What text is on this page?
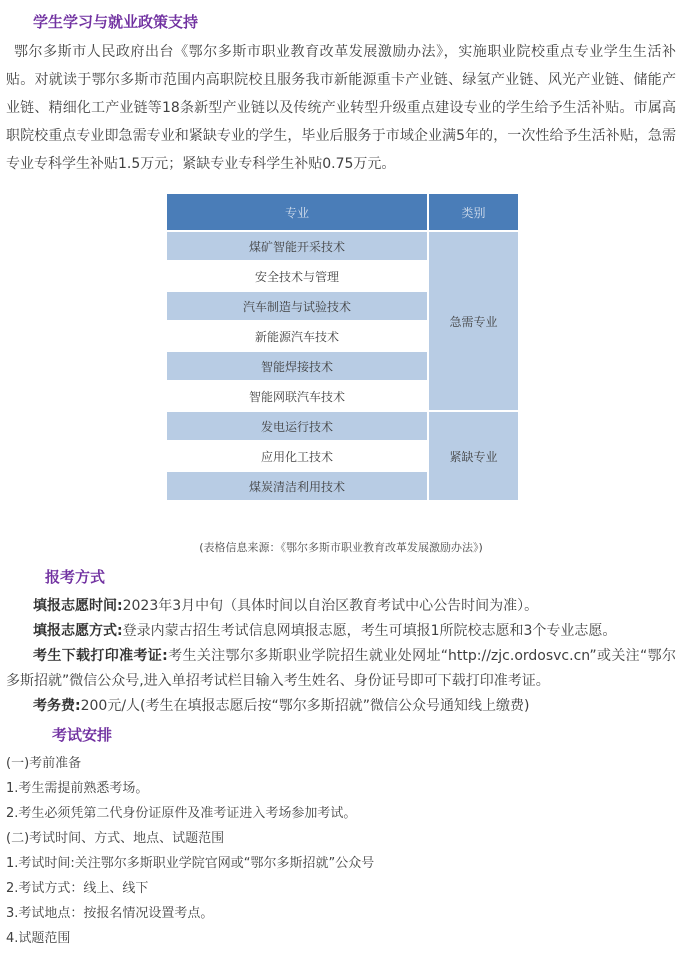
学生学习与就业政策支持

鄂尔多斯市人民政府出台《鄂尔多斯市职业教育改革发展激励办法》，实施职业院校重点专业学生生活补贴。对就读于鄂尔多斯市范围内高职院校且服务我市新能源重卡产业链、绿氢产业链、风光产业链、储能产业链、精细化工产业链等18条新型产业链以及传统产业转型升级重点建设专业的学生给予生活补贴。市属高职院校重点专业即急需专业和紧缺专业的学生，毕业后服务于市域企业满5年的，一次性给予生活补贴，急需专业专科学生补贴1.5万元；紧缺专业专科学生补贴0.75万元。

专业	类别
煤矿智能开采技术	急需专业
安全技术与管理	
汽车制造与试验技术	
新能源汽车技术	
智能焊接技术	
智能网联汽车技术	
发电运行技术	紧缺专业
应用化工技术	
煤炭清洁利用技术	
(表格信息来源：《鄂尔多斯市职业教育改革发展激励办法》)
报考方式

填报志愿时间:2023年3月中旬（具体时间以自治区教育考试中心公告时间为准）。

填报志愿方式:登录内蒙古招生考试信息网填报志愿，考生可填报1所院校志愿和3个专业志愿。

考生下载打印准考证:考生关注鄂尔多斯职业学院招生就业处网址“http://zjc.ordosvc.cn”或关注“鄂尔多斯招就”微信公众号,进入单招考试栏目输入考生姓名、身份证号即可下载打印准考证。

考务费:200元/人(考生在填报志愿后按“鄂尔多斯招就”微信公众号通知线上缴费)

考试安排

(一)考前准备

1.考生需提前熟悉考场。

2.考生必须凭第二代身份证原件及准考证进入考场参加考试。

(二)考试时间、方式、地点、试题范围

1.考试时间:关注鄂尔多斯职业学院官网或“鄂尔多斯招就”公众号

2.考试方式：线上、线下

3.考试地点：按报名情况设置考点。

4.试题范围
